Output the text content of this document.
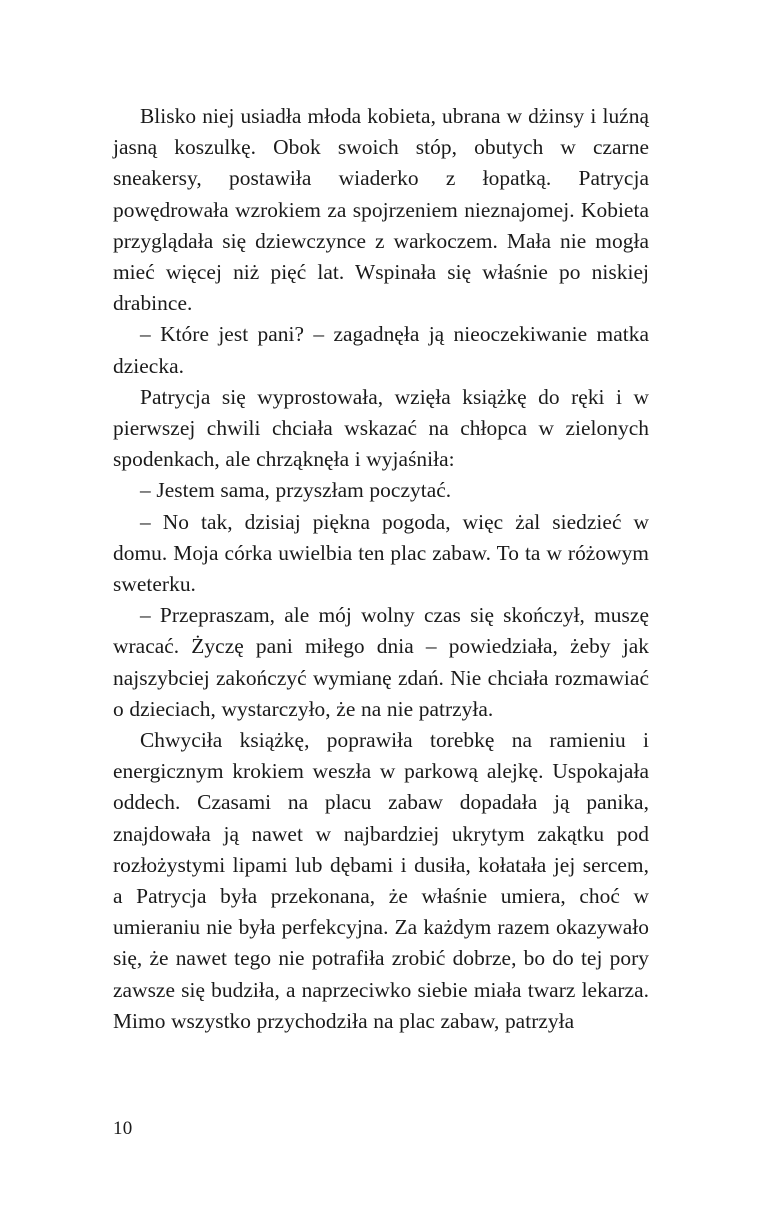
Blisko niej usiadła młoda kobieta, ubrana w dżinsy i luźną jasną koszulkę. Obok swoich stóp, obutych w czarne sneakersy, postawiła wiaderko z łopatką. Patrycja powędrowała wzrokiem za spojrzeniem nieznajomej. Kobieta przyglądała się dziewczynce z warkoczem. Mała nie mogła mieć więcej niż pięć lat. Wspinała się właśnie po niskiej drabince.

– Które jest pani? – zagadnęła ją nieoczekiwanie matka dziecka.

Patrycja się wyprostowała, wzięła książkę do ręki i w pierwszej chwili chciała wskazać na chłopca w zielonych spodenkach, ale chrząknęła i wyjaśniła:

– Jestem sama, przyszłam poczytać.

– No tak, dzisiaj piękna pogoda, więc żal siedzieć w domu. Moja córka uwielbia ten plac zabaw. To ta w różowym sweterku.

– Przepraszam, ale mój wolny czas się skończył, muszę wracać. Życzę pani miłego dnia – powiedziała, żeby jak najszybciej zakończyć wymianę zdań. Nie chciała rozmawiać o dzieciach, wystarczyło, że na nie patrzyła.

Chwyciła książkę, poprawiła torebkę na ramieniu i energicznym krokiem weszła w parkową alejkę. Uspokajała oddech. Czasami na placu zabaw dopadała ją panika, znajdowała ją nawet w najbardziej ukrytym zakątku pod rozłożystymi lipami lub dębami i dusiła, kołatała jej sercem, a Patrycja była przekonana, że właśnie umiera, choć w umieraniu nie była perfekcyjna. Za każdym razem okazywało się, że nawet tego nie potrafiła zrobić dobrze, bo do tej pory zawsze się budziła, a naprzeciwko siebie miała twarz lekarza. Mimo wszystko przychodziła na plac zabaw, patrzyła

10
